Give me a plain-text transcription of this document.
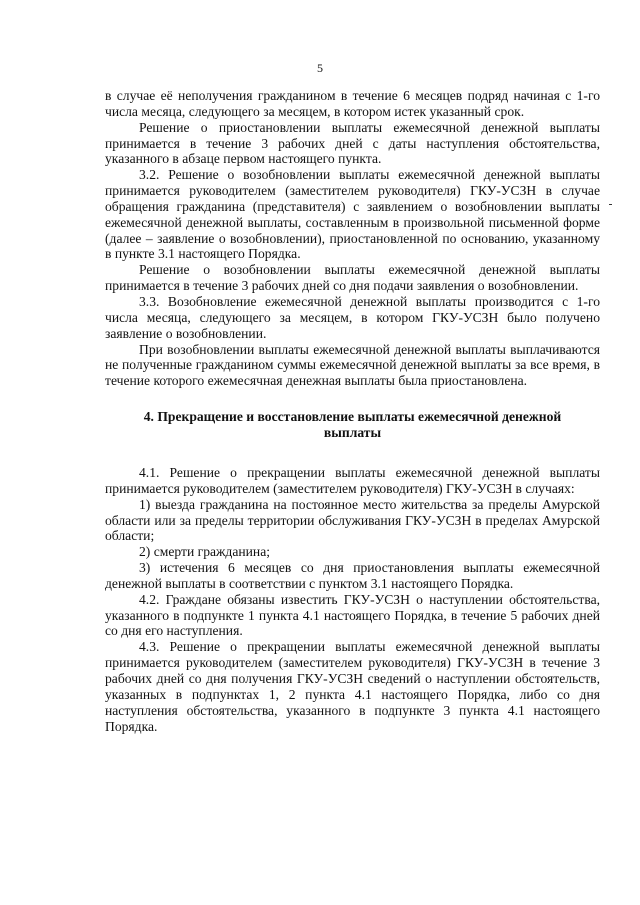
5

в случае её неполучения гражданином в течение 6 месяцев подряд начиная с 1-го числа месяца, следующего за месяцем, в котором истек указанный срок.

Решение о приостановлении выплаты ежемесячной денежной выплаты принимается в течение 3 рабочих дней с даты наступления обстоятельства, указанного в абзаце первом настоящего пункта.

3.2. Решение о возобновлении выплаты ежемесячной денежной выплаты принимается руководителем (заместителем руководителя) ГКУ-УСЗН в случае обращения гражданина (представителя) с заявлением о возобновлении выплаты ежемесячной денежной выплаты, составленным в произвольной письменной форме (далее – заявление о возобновлении), приостановленной по основанию, указанному в пункте 3.1 настоящего Порядка.

Решение о возобновлении выплаты ежемесячной денежной выплаты принимается в течение 3 рабочих дней со дня подачи заявления о возобновлении.

3.3. Возобновление ежемесячной денежной выплаты производится с 1-го числа месяца, следующего за месяцем, в котором ГКУ-УСЗН было получено заявление о возобновлении.

При возобновлении выплаты ежемесячной денежной выплаты выплачиваются не полученные гражданином суммы ежемесячной денежной выплаты за все время, в течение которого ежемесячная денежная выплаты была приостановлена.

4. Прекращение и восстановление выплаты ежемесячной денежной выплаты

4.1. Решение о прекращении выплаты ежемесячной денежной выплаты принимается руководителем (заместителем руководителя) ГКУ-УСЗН в случаях:

1) выезда гражданина на постоянное место жительства за пределы Амурской области или за пределы территории обслуживания ГКУ-УСЗН в пределах Амурской области;

2) смерти гражданина;

3) истечения 6 месяцев со дня приостановления выплаты ежемесячной денежной выплаты в соответствии с пунктом 3.1 настоящего Порядка.

4.2. Граждане обязаны известить ГКУ-УСЗН о наступлении обстоятельства, указанного в подпункте 1 пункта 4.1 настоящего Порядка, в течение 5 рабочих дней со дня его наступления.

4.3. Решение о прекращении выплаты ежемесячной денежной выплаты принимается руководителем (заместителем руководителя) ГКУ-УСЗН в течение 3 рабочих дней со дня получения ГКУ-УСЗН сведений о наступлении обстоятельств, указанных в подпунктах 1, 2 пункта 4.1 настоящего Порядка, либо со дня наступления обстоятельства, указанного в подпункте 3 пункта 4.1 настоящего Порядка.
